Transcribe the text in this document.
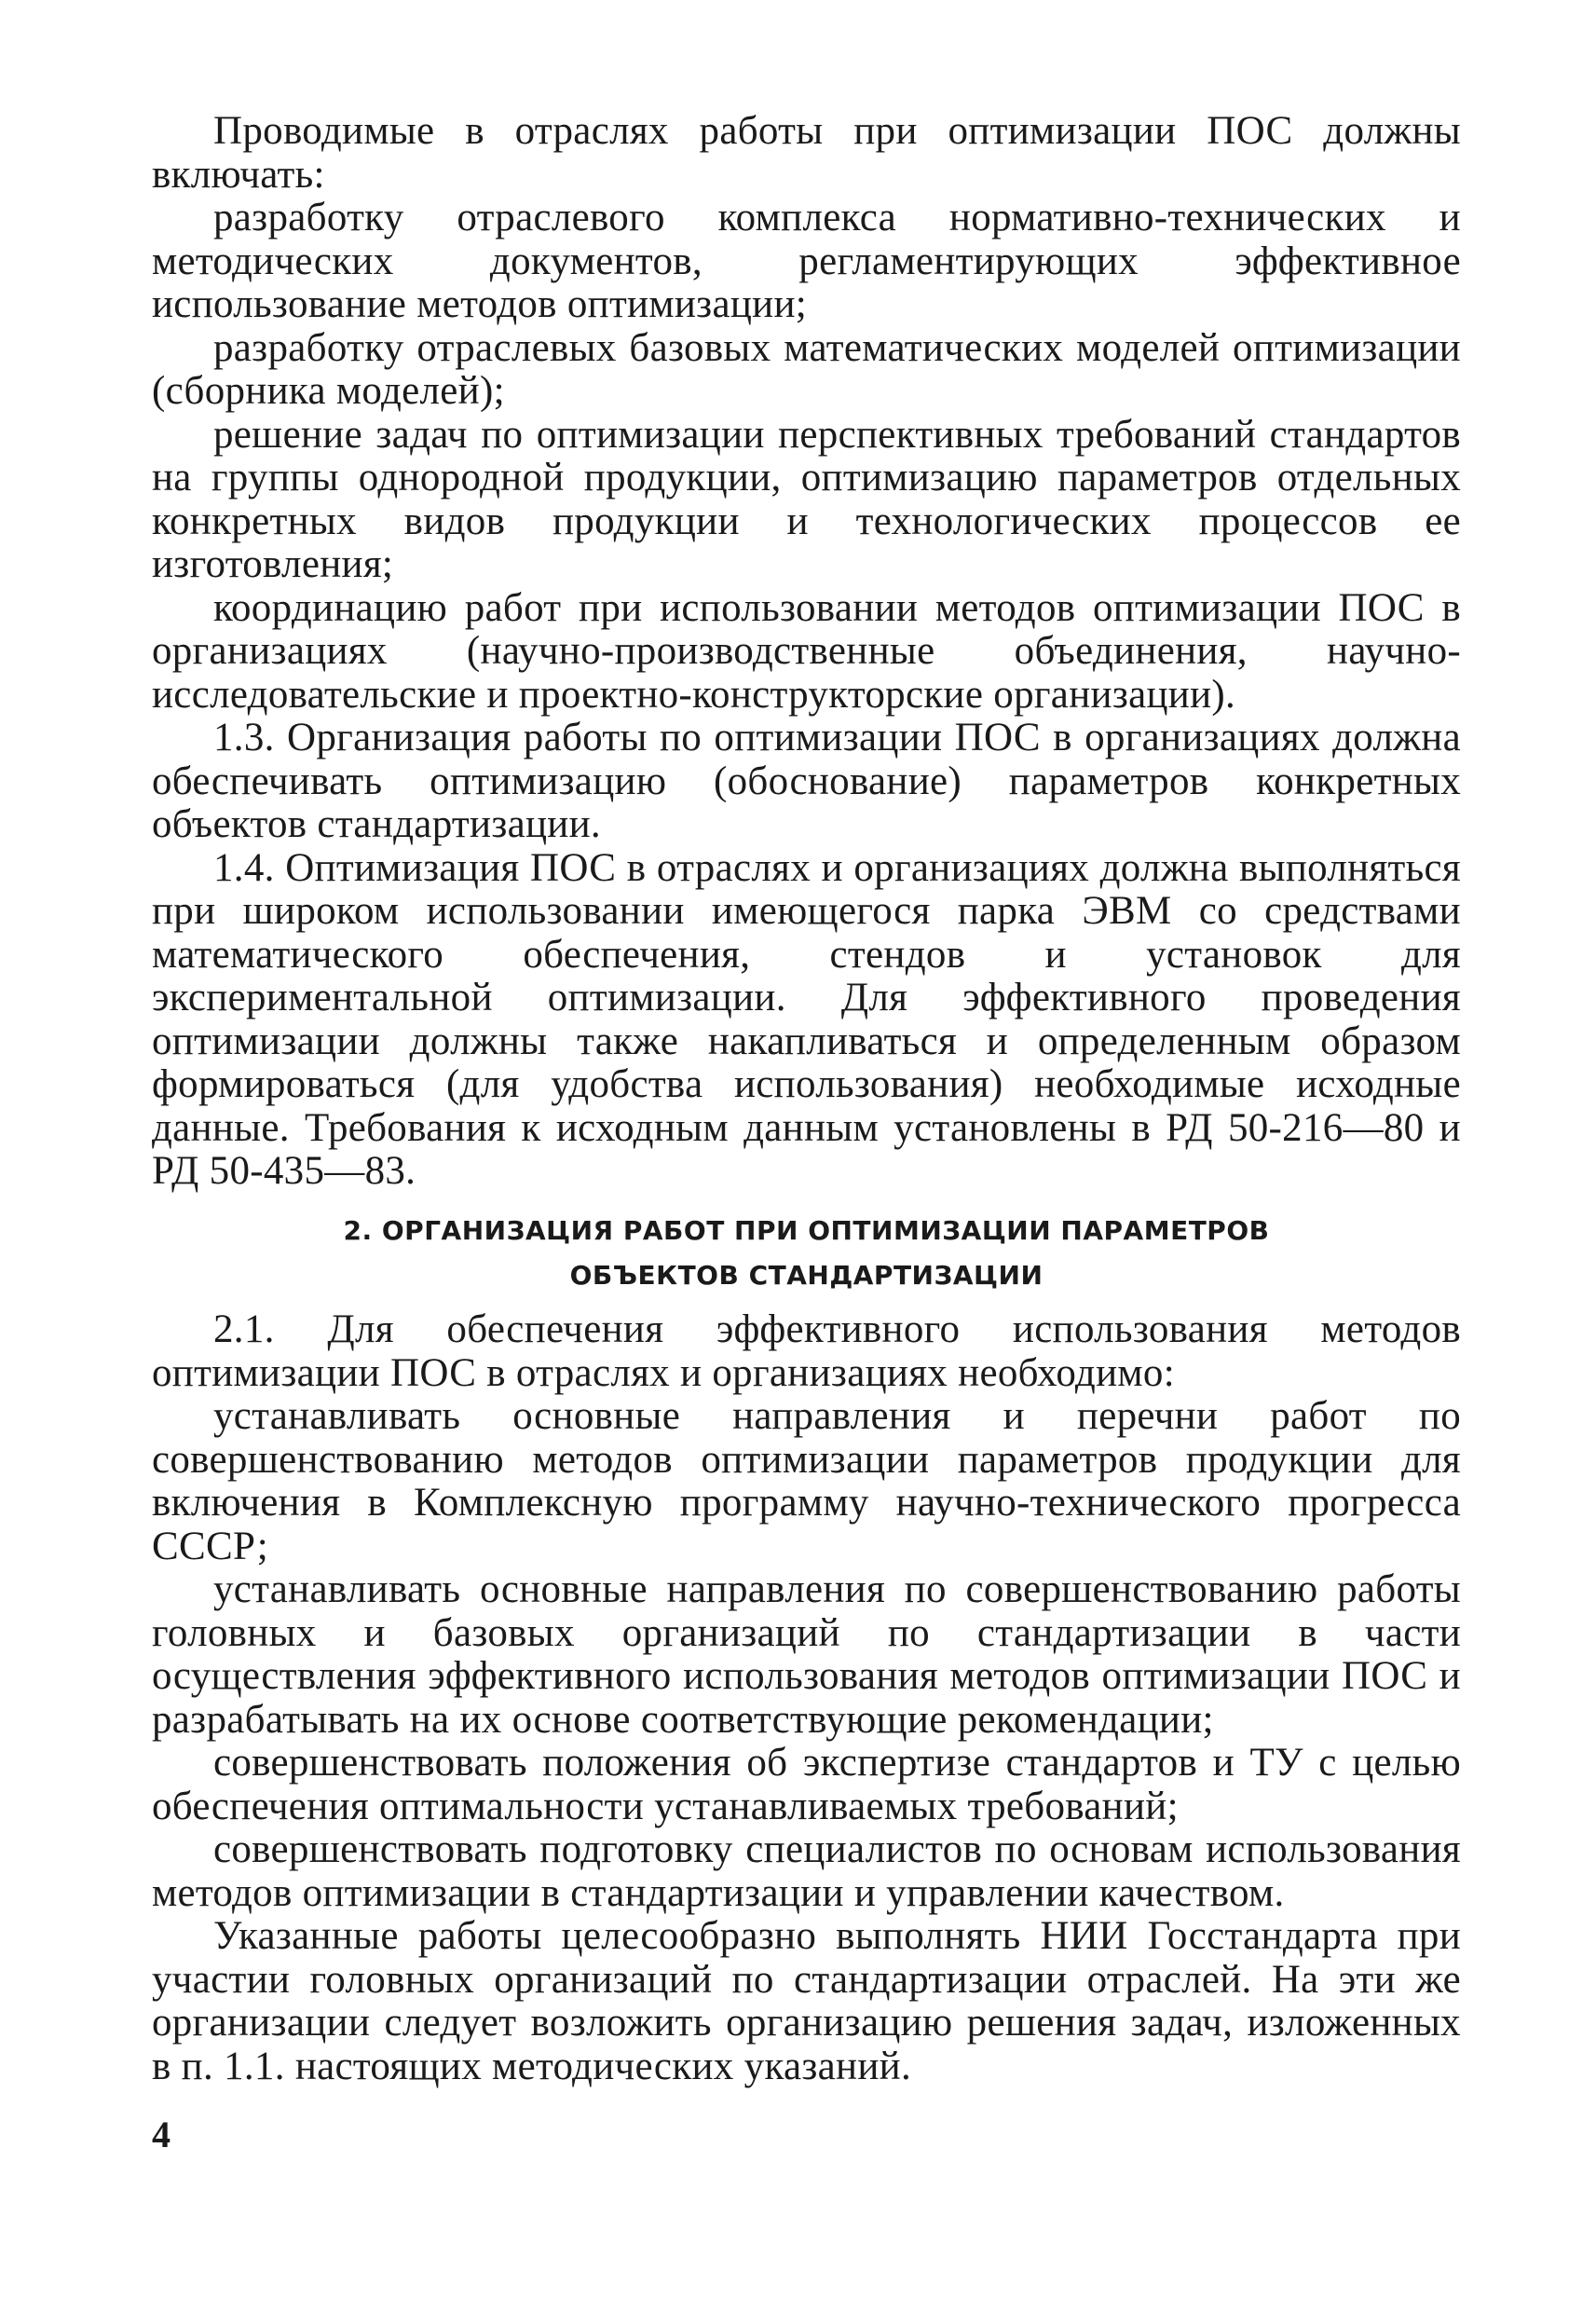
Проводимые в отраслях работы при оптимизации ПОС должны включать:

разработку отраслевого комплекса нормативно-технических и методических документов, регламентирующих эффективное использование методов оптимизации;

разработку отраслевых базовых математических моделей оптимизации (сборника моделей);

решение задач по оптимизации перспективных требований стандартов на группы однородной продукции, оптимизацию параметров отдельных конкретных видов продукции и технологических процессов ее изготовления;

координацию работ при использовании методов оптимизации ПОС в организациях (научно-производственные объединения, научно-исследовательские и проектно-конструкторские организации).

1.3. Организация работы по оптимизации ПОС в организациях должна обеспечивать оптимизацию (обоснование) параметров конкретных объектов стандартизации.

1.4. Оптимизация ПОС в отраслях и организациях должна выполняться при широком использовании имеющегося парка ЭВМ со средствами математического обеспечения, стендов и установок для экспериментальной оптимизации. Для эффективного проведения оптимизации должны также накапливаться и определенным образом формироваться (для удобства использования) необходимые исходные данные. Требования к исходным данным установлены в РД 50-216—80 и РД 50-435—83.

2. ОРГАНИЗАЦИЯ РАБОТ ПРИ ОПТИМИЗАЦИИ ПАРАМЕТРОВ
ОБЪЕКТОВ СТАНДАРТИЗАЦИИ

2.1. Для обеспечения эффективного использования методов оптимизации ПОС в отраслях и организациях необходимо:

устанавливать основные направления и перечни работ по совершенствованию методов оптимизации параметров продукции для включения в Комплексную программу научно-технического прогресса СССР;

устанавливать основные направления по совершенствованию работы головных и базовых организаций по стандартизации в части осуществления эффективного использования методов оптимизации ПОС и разрабатывать на их основе соответствующие рекомендации;

совершенствовать положения об экспертизе стандартов и ТУ с целью обеспечения оптимальности устанавливаемых требований;

совершенствовать подготовку специалистов по основам использования методов оптимизации в стандартизации и управлении качеством.

Указанные работы целесообразно выполнять НИИ Госстандарта при участии головных организаций по стандартизации отраслей. На эти же организации следует возложить организацию решения задач, изложенных в п. 1.1. настоящих методических указаний.

4
